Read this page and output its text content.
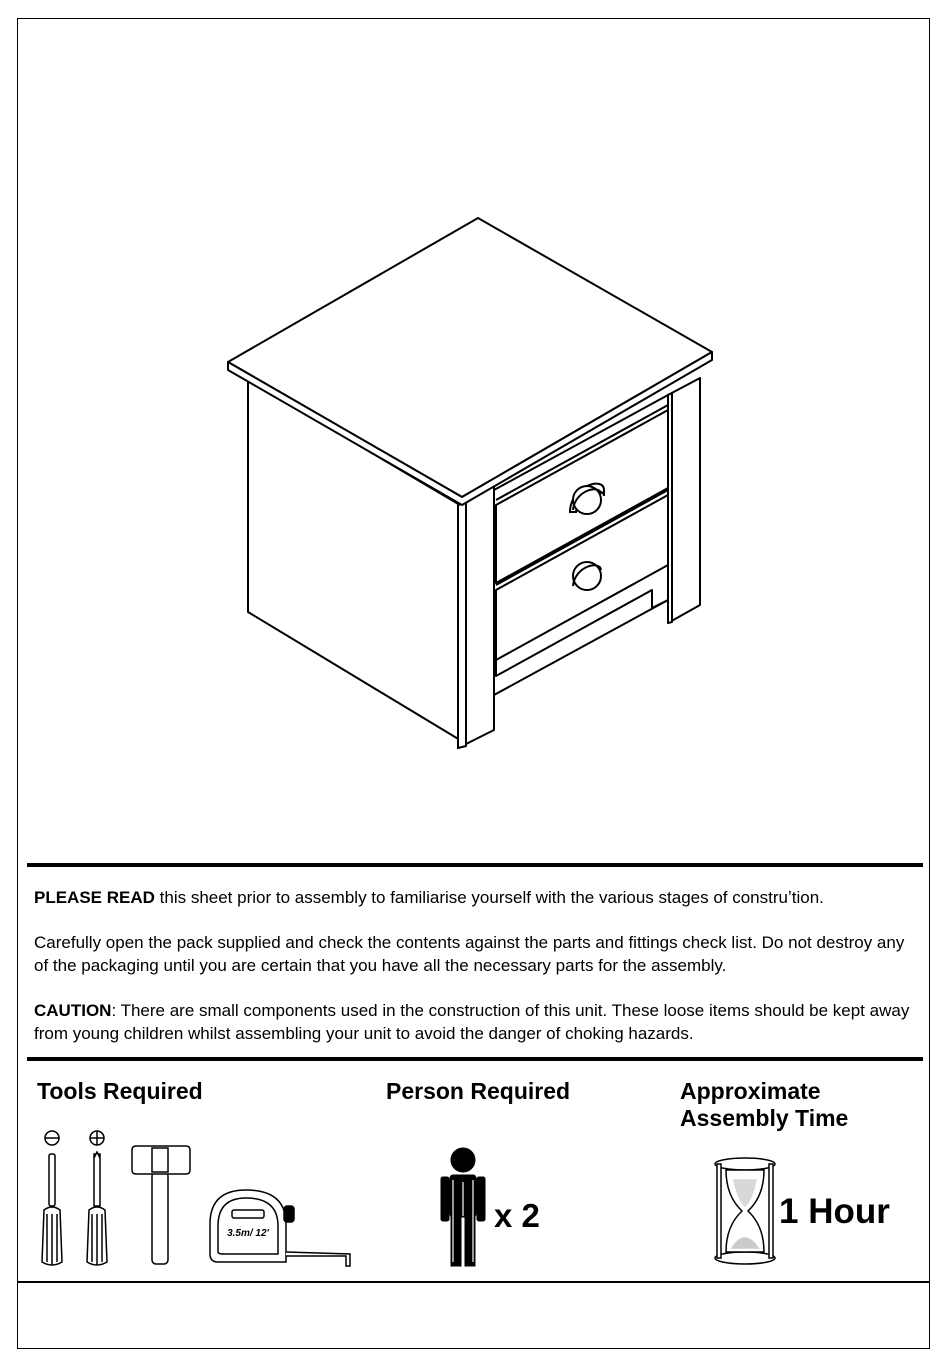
PLEASE READ this sheet prior to assembly to familiarise yourself with the various stages of construʼtion.
Carefully open the pack supplied and check the contents against the parts and fittings check list. Do not destroy any of the packaging until you are certain that you have all the necessary parts for the assembly.
CAUTION: There are small components used in the construction of this unit. These loose items should be kept away from young children whilst assembling your unit to avoid the danger of choking hazards.
Tools Required
3.5m/ 12'
Person Required
x 2
Approximate
Assembly Time
1 Hour
